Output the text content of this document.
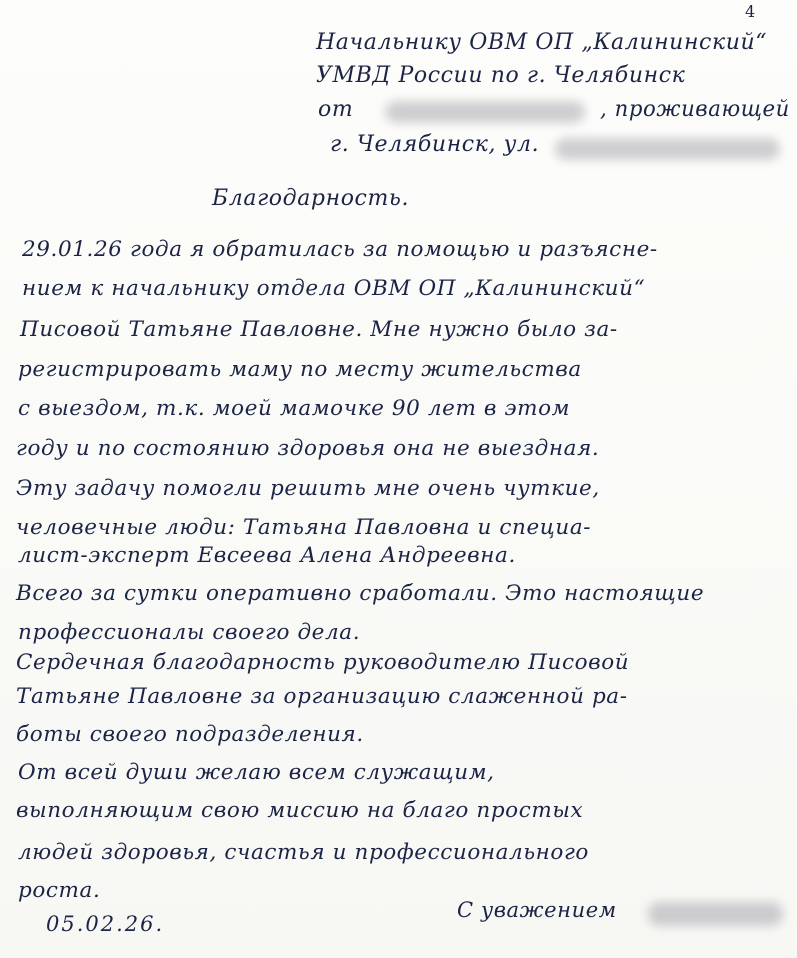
4
Начальнику ОВМ ОП „Калининский“
УМВД России по г. Челябинск
от	, проживающей
г. Челябинск, ул.
Благодарность.
29.01.26 года я обратилась за помощью и разъясне-
нием к начальнику отдела ОВМ ОП „Калининский“
Писовой Татьяне Павловне. Мне нужно было за-
регистрировать маму по месту жительства
с выездом, т.к. моей мамочке 90 лет в этом
году и по состоянию здоровья она не выездная.
Эту задачу помогли решить мне очень чуткие,
человечные люди: Татьяна Павловна и специа-
лист-эксперт Евсеева Алена Андреевна.
Всего за сутки оперативно сработали. Это настоящие
профессионалы своего дела.
Сердечная благодарность руководителю Писовой
Татьяне Павловне за организацию слаженной ра-
боты своего подразделения.
От всей души желаю всем служащим,
выполняющим свою миссию на благо простых
людей здоровья, счастья и профессионального
роста.
05.02.26.
С уважением
